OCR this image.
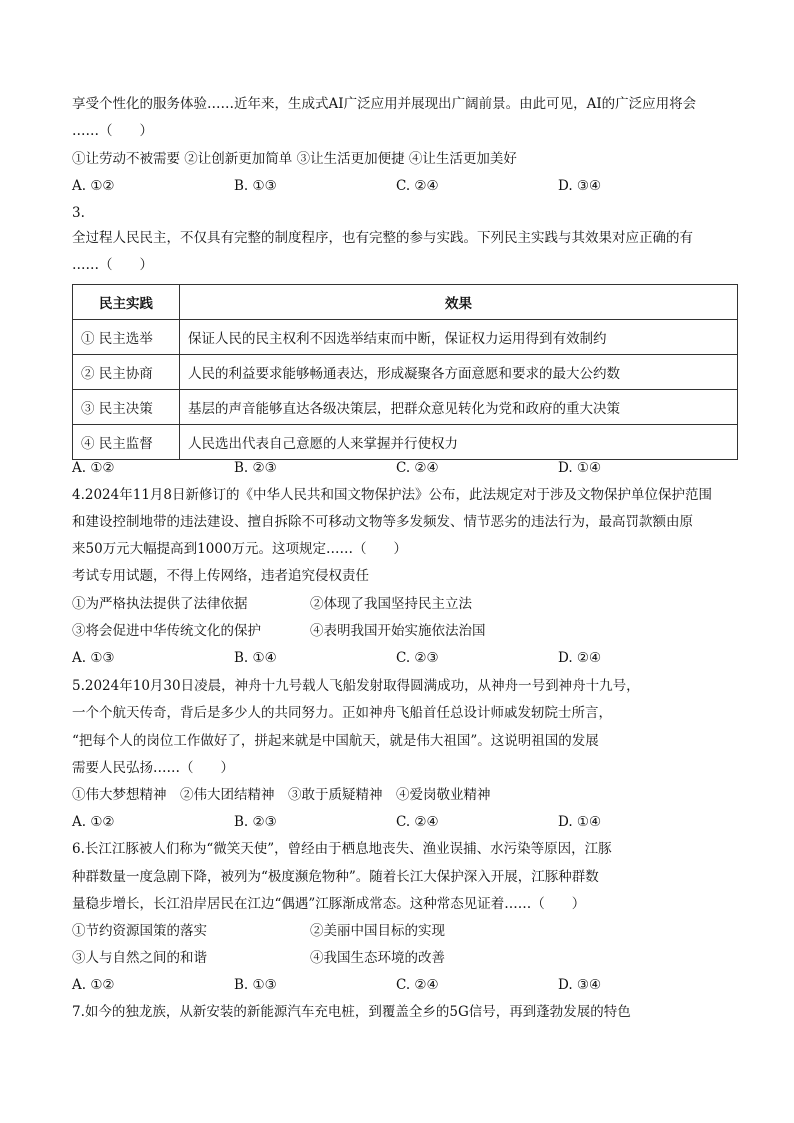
享受个性化的服务体验……近年来，生成式AI广泛应用并展现出广阔前景。由此可见，AI的广泛应用将会
……（　　）
①让劳动不被需要 ②让创新更加简单 ③让生活更加便捷 ④让生活更加美好
A. ①②	B. ①③	C. ②④	D. ③④
3.
全过程人民民主，不仅具有完整的制度程序，也有完整的参与实践。下列民主实践与其效果对应正确的有
……（　　）
民主实践	效果
① 民主选举	保证人民的民主权利不因选举结束而中断，保证权力运用得到有效制约
② 民主协商	人民的利益要求能够畅通表达，形成凝聚各方面意愿和要求的最大公约数
③ 民主决策	基层的声音能够直达各级决策层，把群众意见转化为党和政府的重大决策
④ 民主监督	人民选出代表自己意愿的人来掌握并行使权力
A. ①②	B. ②③	C. ②④	D. ①④
4.2024年11月8日新修订的《中华人民共和国文物保护法》公布，此法规定对于涉及文物保护单位保护范围
和建设控制地带的违法建设、擅自拆除不可移动文物等多发频发、情节恶劣的违法行为，最高罚款额由原
来50万元大幅提高到1000万元。这项规定……（　　）
考试专用试题，不得上传网络，违者追究侵权责任
①为严格执法提供了法律依据	②体现了我国坚持民主立法
③将会促进中华传统文化的保护	④表明我国开始实施依法治国
A. ①③	B. ①④	C. ②③	D. ②④
5.2024年10月30日凌晨，神舟十九号载人飞船发射取得圆满成功，从神舟一号到神舟十九号，
一个个航天传奇，背后是多少人的共同努力。正如神舟飞船首任总设计师戚发轫院士所言，
“把每个人的岗位工作做好了，拼起来就是中国航天，就是伟大祖国”。这说明祖国的发展
需要人民弘扬……（　　）
①伟大梦想精神　②伟大团结精神　③敢于质疑精神　④爱岗敬业精神
A. ①②	B. ②③	C. ②④	D. ①④
6.长江江豚被人们称为“微笑天使”，曾经由于栖息地丧失、渔业误捕、水污染等原因，江豚
种群数量一度急剧下降，被列为“极度濒危物种”。随着长江大保护深入开展，江豚种群数
量稳步增长，长江沿岸居民在江边“偶遇”江豚渐成常态。这种常态见证着……（　　）
①节约资源国策的落实	②美丽中国目标的实现
③人与自然之间的和谐	④我国生态环境的改善
A. ①②	B. ①③	C. ②④	D. ③④
7.如今的独龙族，从新安装的新能源汽车充电桩，到覆盖全乡的5G信号，再到蓬勃发展的特色
